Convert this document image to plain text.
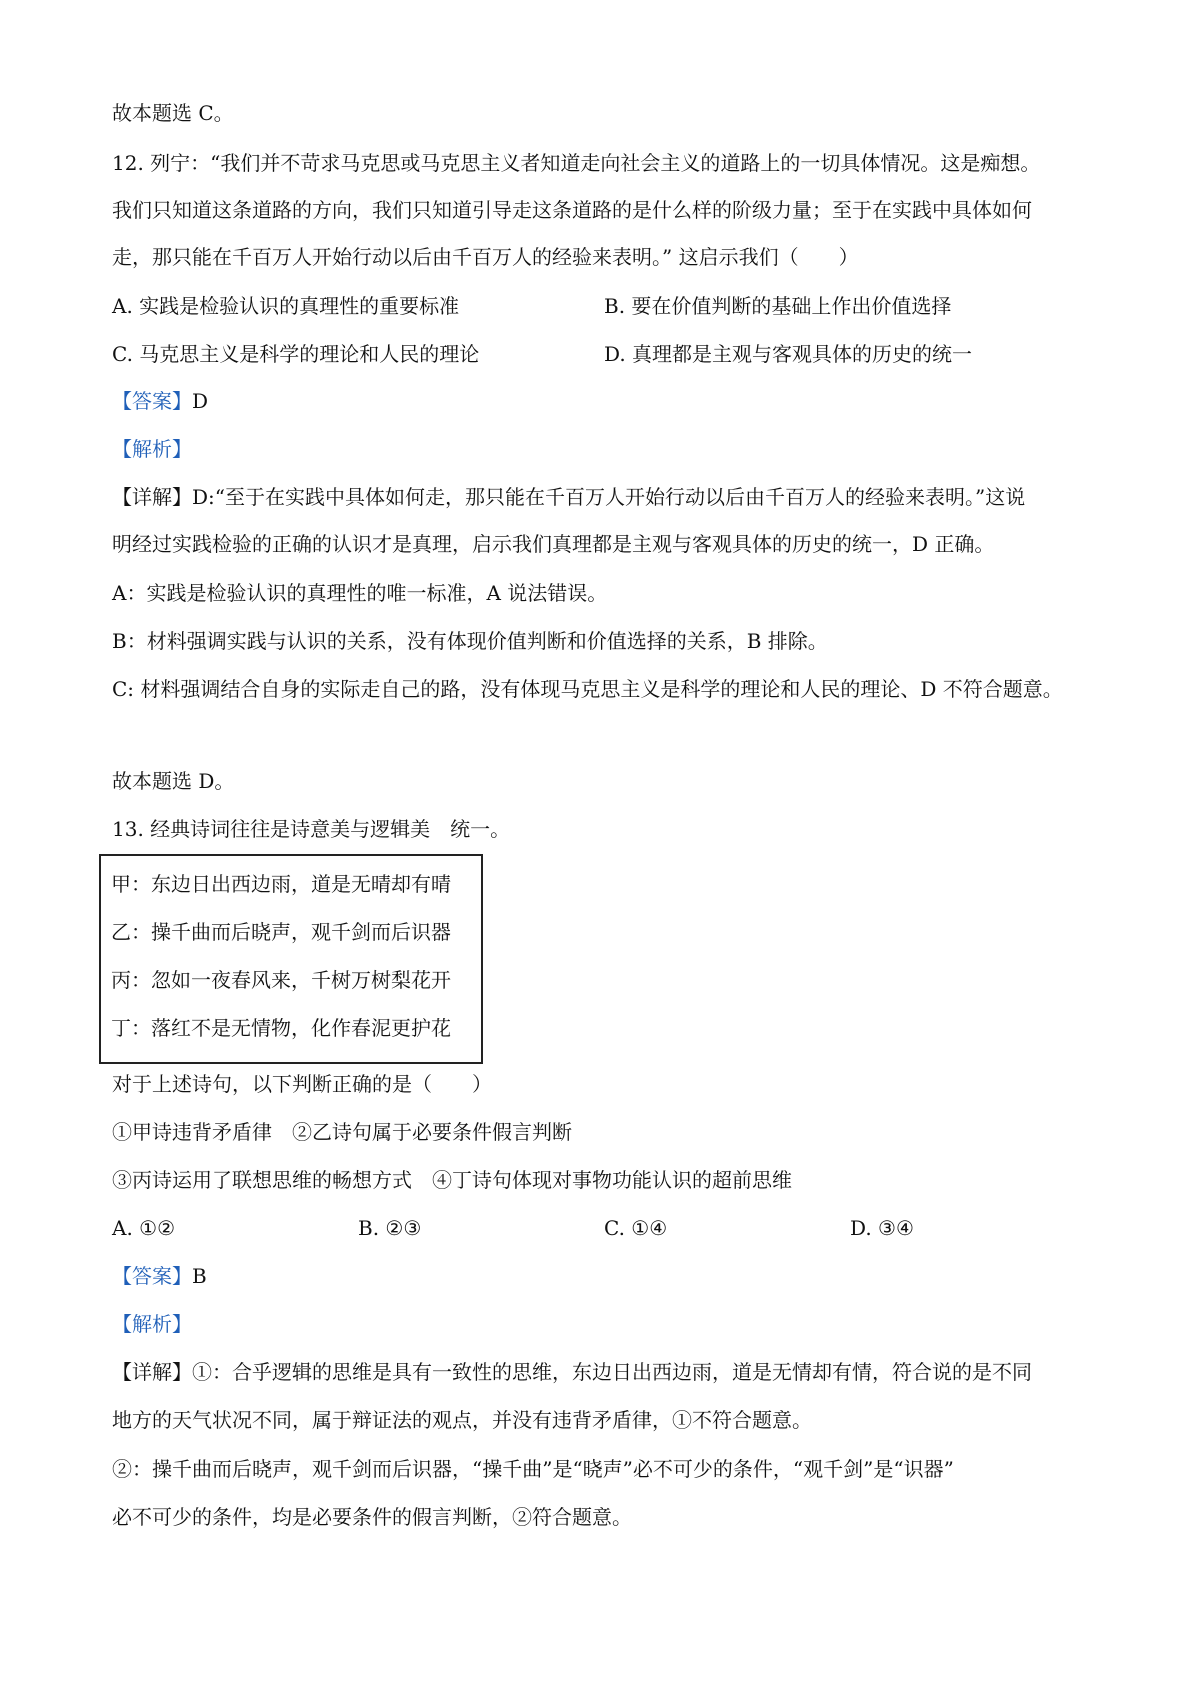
故本题选 C。
12. 列宁：“我们并不苛求马克思或马克思主义者知道走向社会主义的道路上的一切具体情况。这是痴想。
我们只知道这条道路的方向，我们只知道引导走这条道路的是什么样的阶级力量；至于在实践中具体如何
走，那只能在千百万人开始行动以后由千百万人的经验来表明。” 这启示我们（　　）
A. 实践是检验认识的真理性的重要标准	B. 要在价值判断的基础上作出价值选择
C. 马克思主义是科学的理论和人民的理论	D. 真理都是主观与客观具体的历史的统一
【答案】D
【解析】
【详解】D:“至于在实践中具体如何走，那只能在千百万人开始行动以后由千百万人的经验来表明。”这说
明经过实践检验的正确的认识才是真理，启示我们真理都是主观与客观具体的历史的统一，D 正确。
A：实践是检验认识的真理性的唯一标准，A 说法错误。
B：材料强调实践与认识的关系，没有体现价值判断和价值选择的关系，B 排除。
C: 材料强调结合自身的实际走自己的路，没有体现马克思主义是科学的理论和人民的理论、D 不符合题意。
故本题选 D。
13. 经典诗词往往是诗意美与逻辑美　统一。
甲：东边日出西边雨，道是无晴却有晴
乙：操千曲而后晓声，观千剑而后识器
丙：忽如一夜春风来，千树万树梨花开
丁：落红不是无情物，化作春泥更护花
对于上述诗句，以下判断正确的是（　　）
①甲诗违背矛盾律　②乙诗句属于必要条件假言判断
③丙诗运用了联想思维的畅想方式　④丁诗句体现对事物功能认识的超前思维
A. ①②	B. ②③	C. ①④	D. ③④
【答案】B
【解析】
【详解】①：合乎逻辑的思维是具有一致性的思维，东边日出西边雨，道是无情却有情，符合说的是不同
地方的天气状况不同，属于辩证法的观点，并没有违背矛盾律，①不符合题意。
②：操千曲而后晓声，观千剑而后识器，“操千曲”是“晓声”必不可少的条件，“观千剑”是“识器”
必不可少的条件，均是必要条件的假言判断，②符合题意。
